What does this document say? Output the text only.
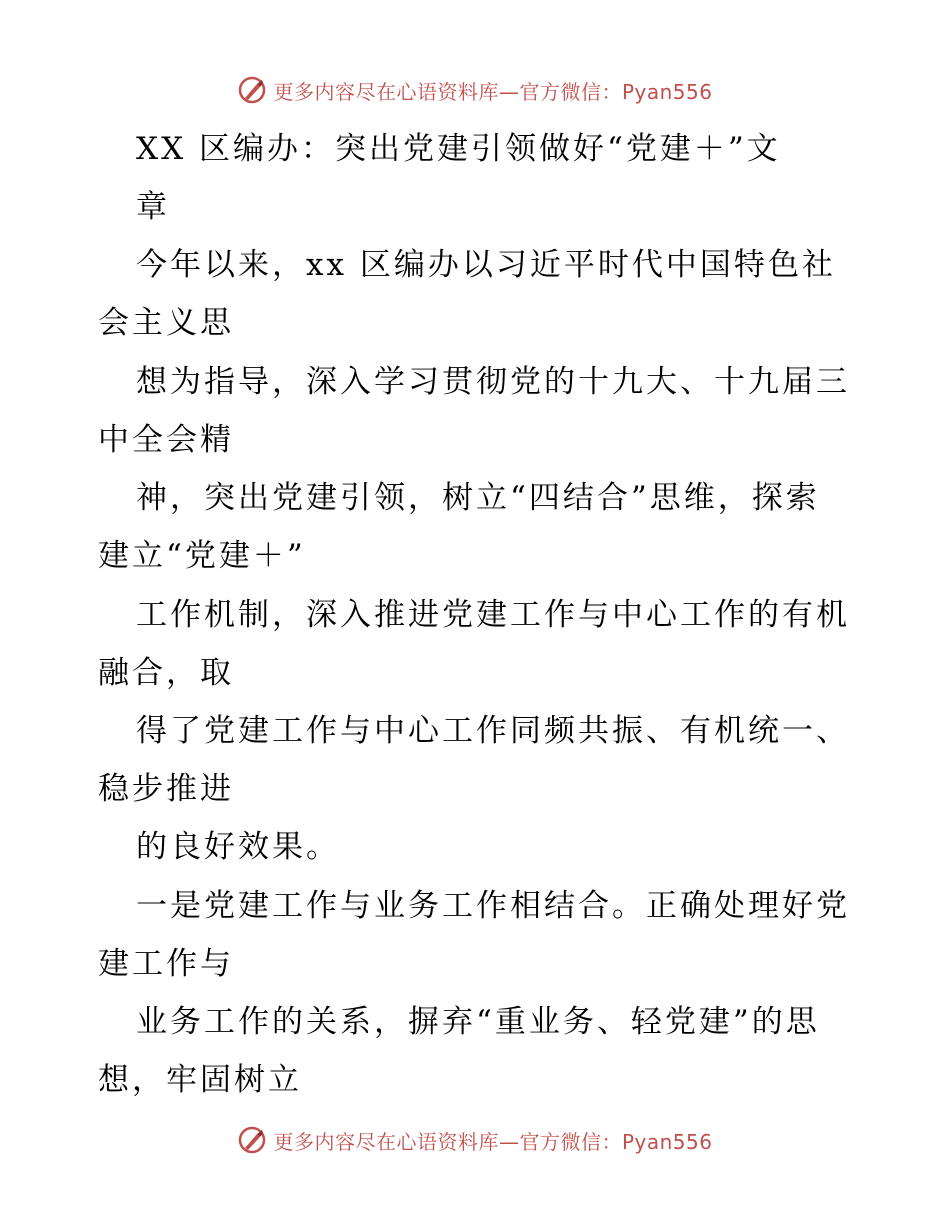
更多内容尽在心语资料库—官方微信：Pyan556
XX 区编办：突出党建引领做好“党建＋”文
章
今年以来，xx 区编办以习近平时代中国特色社
会主义思
想为指导，深入学习贯彻党的十九大、十九届三
中全会精
神，突出党建引领，树立“四结合”思维，探索
建立“党建＋”
工作机制，深入推进党建工作与中心工作的有机
融合，取
得了党建工作与中心工作同频共振、有机统一、
稳步推进
的良好效果。
一是党建工作与业务工作相结合。正确处理好党
建工作与
业务工作的关系，摒弃“重业务、轻党建”的思
想，牢固树立
更多内容尽在心语资料库—官方微信：Pyan556
